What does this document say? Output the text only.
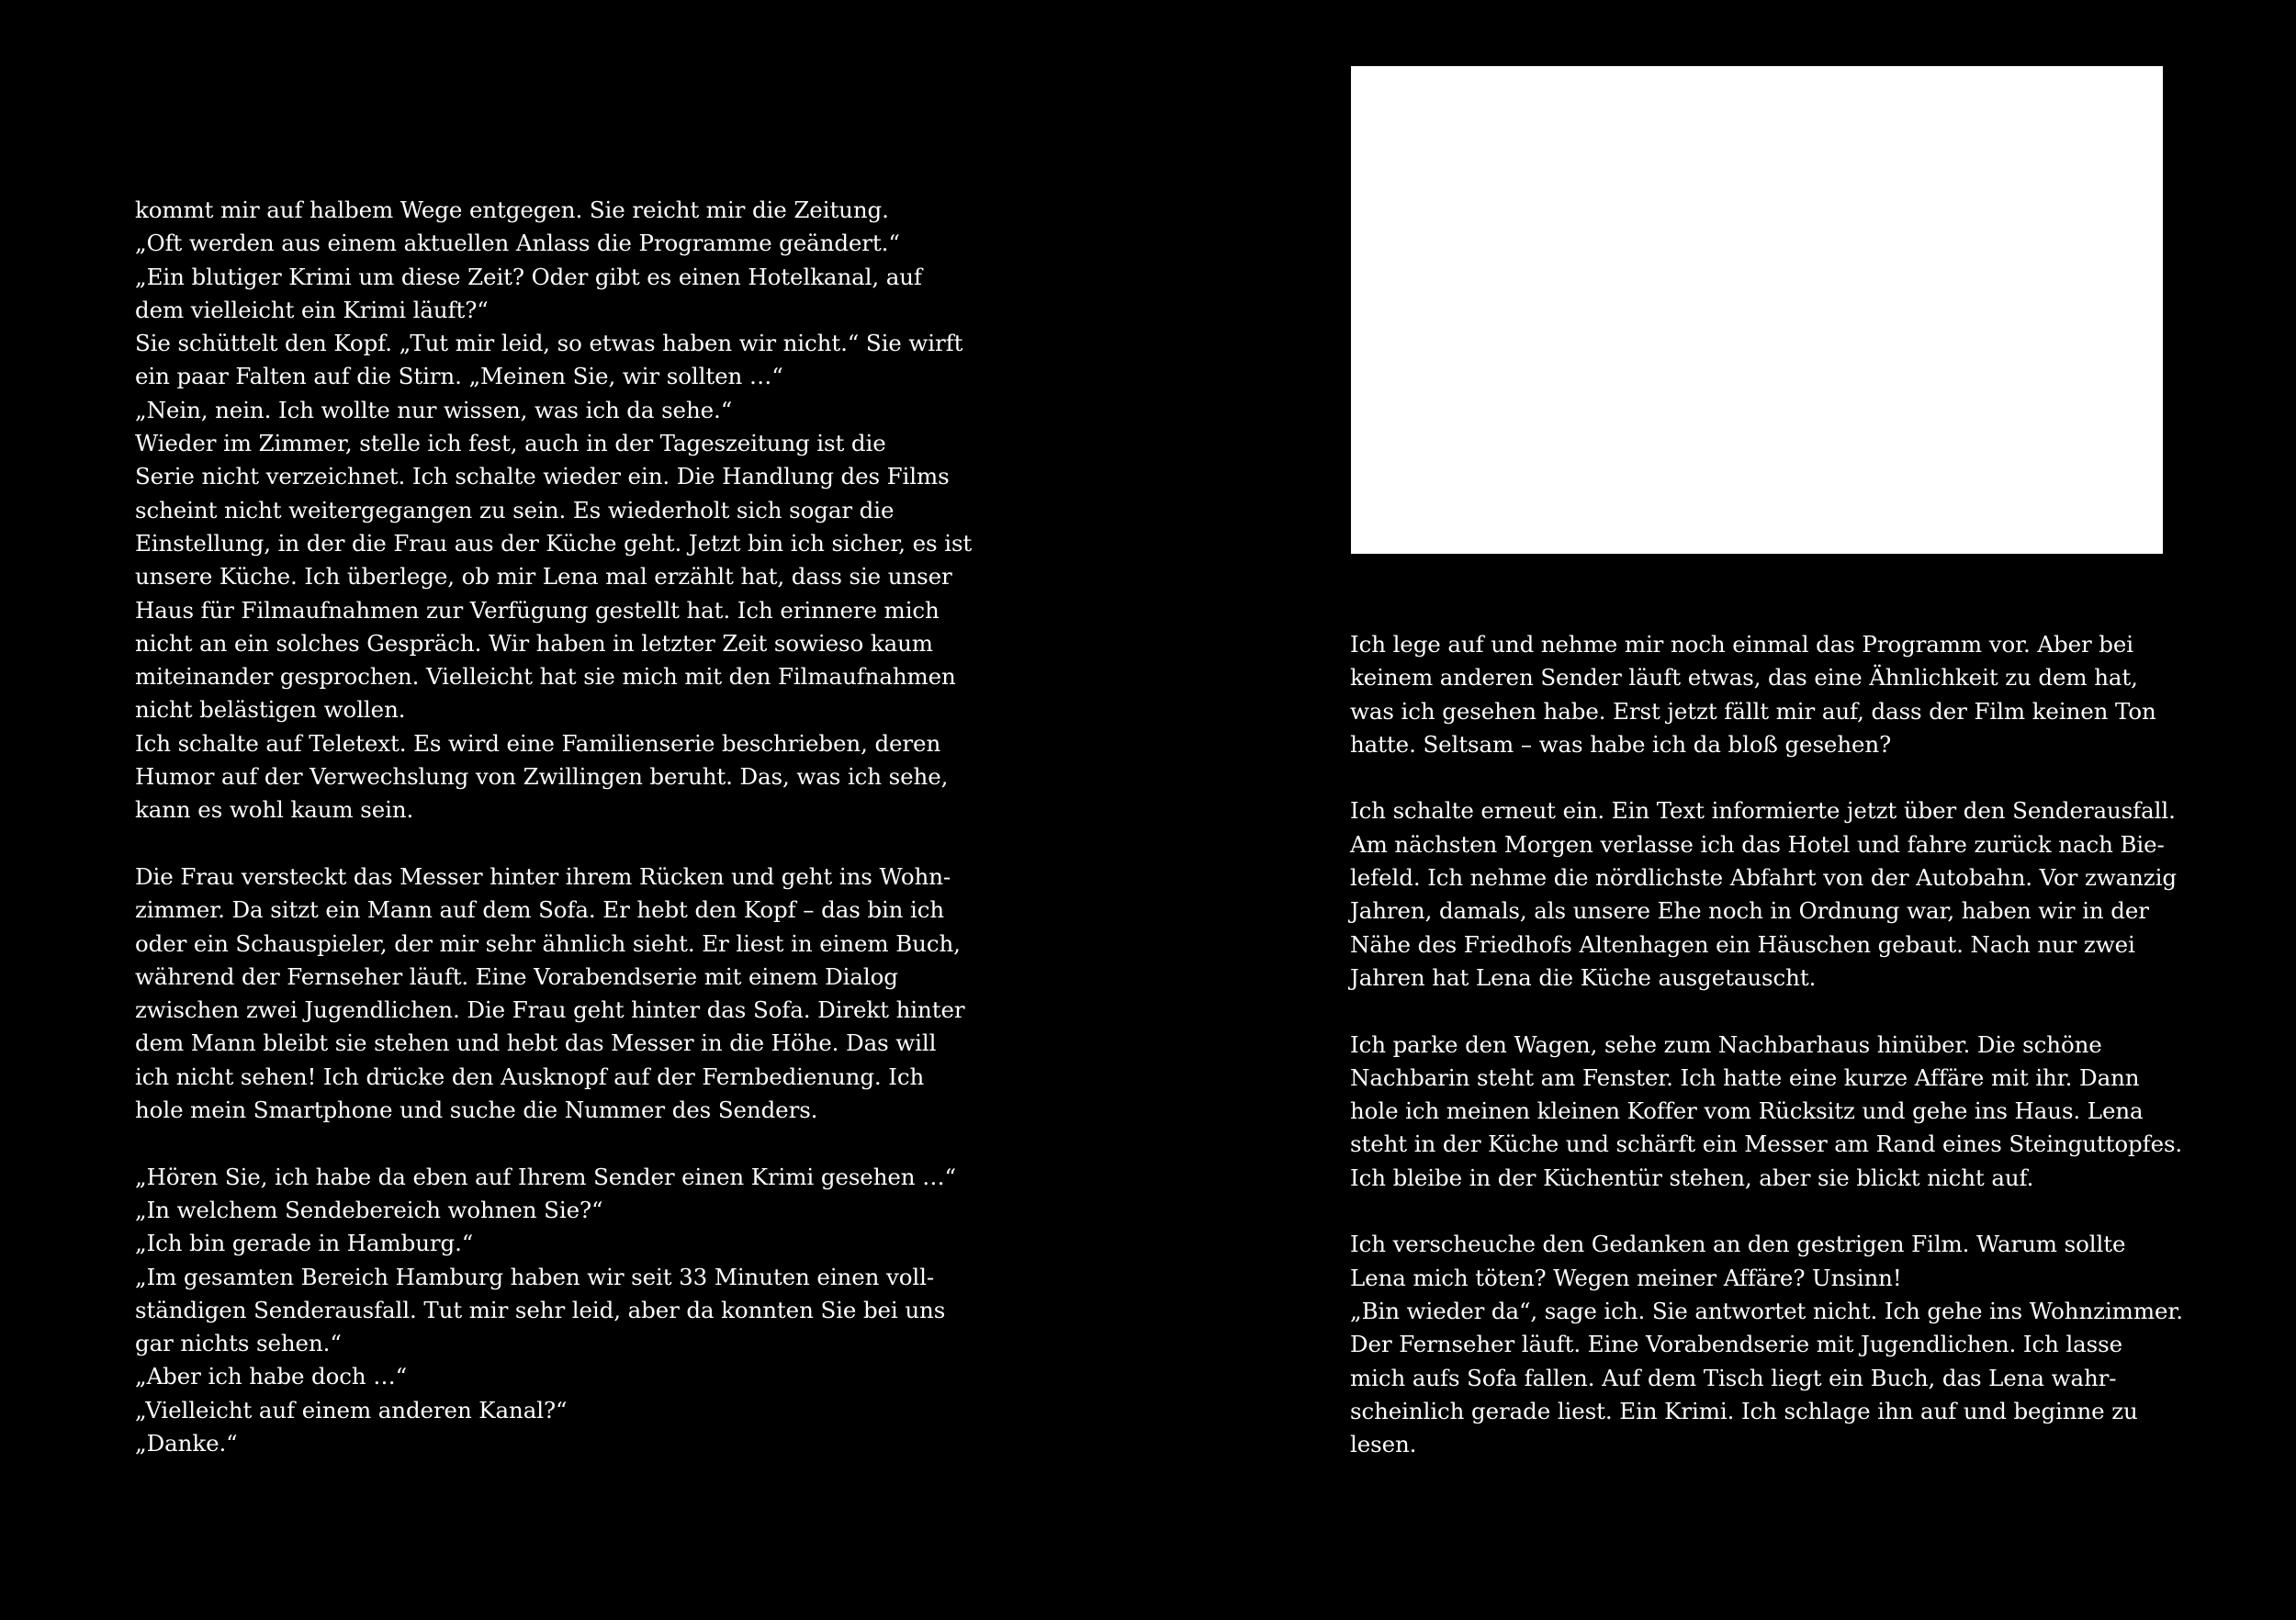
kommt mir auf halbem Wege entgegen. Sie reicht mir die Zeitung.
„Oft werden aus einem aktuellen Anlass die Programme geändert.“
„Ein blutiger Krimi um diese Zeit? Oder gibt es einen Hotelkanal, auf
dem vielleicht ein Krimi läuft?“
Sie schüttelt den Kopf. „Tut mir leid, so etwas haben wir nicht.“ Sie wirft
ein paar Falten auf die Stirn. „Meinen Sie, wir sollten …“
„Nein, nein. Ich wollte nur wissen, was ich da sehe.“
Wieder im Zimmer, stelle ich fest, auch in der Tageszeitung ist die
Serie nicht verzeichnet. Ich schalte wieder ein. Die Handlung des Films
scheint nicht weitergegangen zu sein. Es wiederholt sich sogar die
Einstellung, in der die Frau aus der Küche geht. Jetzt bin ich sicher, es ist
unsere Küche. Ich überlege, ob mir Lena mal erzählt hat, dass sie unser
Haus für Filmaufnahmen zur Verfügung gestellt hat. Ich erinnere mich
nicht an ein solches Gespräch. Wir haben in letzter Zeit sowieso kaum
miteinander gesprochen. Vielleicht hat sie mich mit den Filmaufnahmen
nicht belästigen wollen.
Ich schalte auf Teletext. Es wird eine Familienserie beschrieben, deren
Humor auf der Verwechslung von Zwillingen beruht. Das, was ich sehe,
kann es wohl kaum sein.
Die Frau versteckt das Messer hinter ihrem Rücken und geht ins Wohn-
zimmer. Da sitzt ein Mann auf dem Sofa. Er hebt den Kopf – das bin ich
oder ein Schauspieler, der mir sehr ähnlich sieht. Er liest in einem Buch,
während der Fernseher läuft. Eine Vorabendserie mit einem Dialog
zwischen zwei Jugendlichen. Die Frau geht hinter das Sofa. Direkt hinter
dem Mann bleibt sie stehen und hebt das Messer in die Höhe. Das will
ich nicht sehen! Ich drücke den Ausknopf auf der Fernbedienung. Ich
hole mein Smartphone und suche die Nummer des Senders.
„Hören Sie, ich habe da eben auf Ihrem Sender einen Krimi gesehen …“
„In welchem Sendebereich wohnen Sie?“
„Ich bin gerade in Hamburg.“
„Im gesamten Bereich Hamburg haben wir seit 33 Minuten einen voll-
ständigen Senderausfall. Tut mir sehr leid, aber da konnten Sie bei uns
gar nichts sehen.“
„Aber ich habe doch …“
„Vielleicht auf einem anderen Kanal?“
„Danke.“
Ich lege auf und nehme mir noch einmal das Programm vor. Aber bei
keinem anderen Sender läuft etwas, das eine Ähnlichkeit zu dem hat,
was ich gesehen habe. Erst jetzt fällt mir auf, dass der Film keinen Ton
hatte. Seltsam – was habe ich da bloß gesehen?
Ich schalte erneut ein. Ein Text informierte jetzt über den Senderausfall.
Am nächsten Morgen verlasse ich das Hotel und fahre zurück nach Bie-
lefeld. Ich nehme die nördlichste Abfahrt von der Autobahn. Vor zwanzig
Jahren, damals, als unsere Ehe noch in Ordnung war, haben wir in der
Nähe des Friedhofs Altenhagen ein Häuschen gebaut. Nach nur zwei
Jahren hat Lena die Küche ausgetauscht.
Ich parke den Wagen, sehe zum Nachbarhaus hinüber. Die schöne
Nachbarin steht am Fenster. Ich hatte eine kurze Affäre mit ihr. Dann
hole ich meinen kleinen Koffer vom Rücksitz und gehe ins Haus. Lena
steht in der Küche und schärft ein Messer am Rand eines Steinguttopfes.
Ich bleibe in der Küchentür stehen, aber sie blickt nicht auf.
Ich verscheuche den Gedanken an den gestrigen Film. Warum sollte
Lena mich töten? Wegen meiner Affäre? Unsinn!
„Bin wieder da“, sage ich. Sie antwortet nicht. Ich gehe ins Wohnzimmer.
Der Fernseher läuft. Eine Vorabendserie mit Jugendlichen. Ich lasse
mich aufs Sofa fallen. Auf dem Tisch liegt ein Buch, das Lena wahr-
scheinlich gerade liest. Ein Krimi. Ich schlage ihn auf und beginne zu
lesen.
